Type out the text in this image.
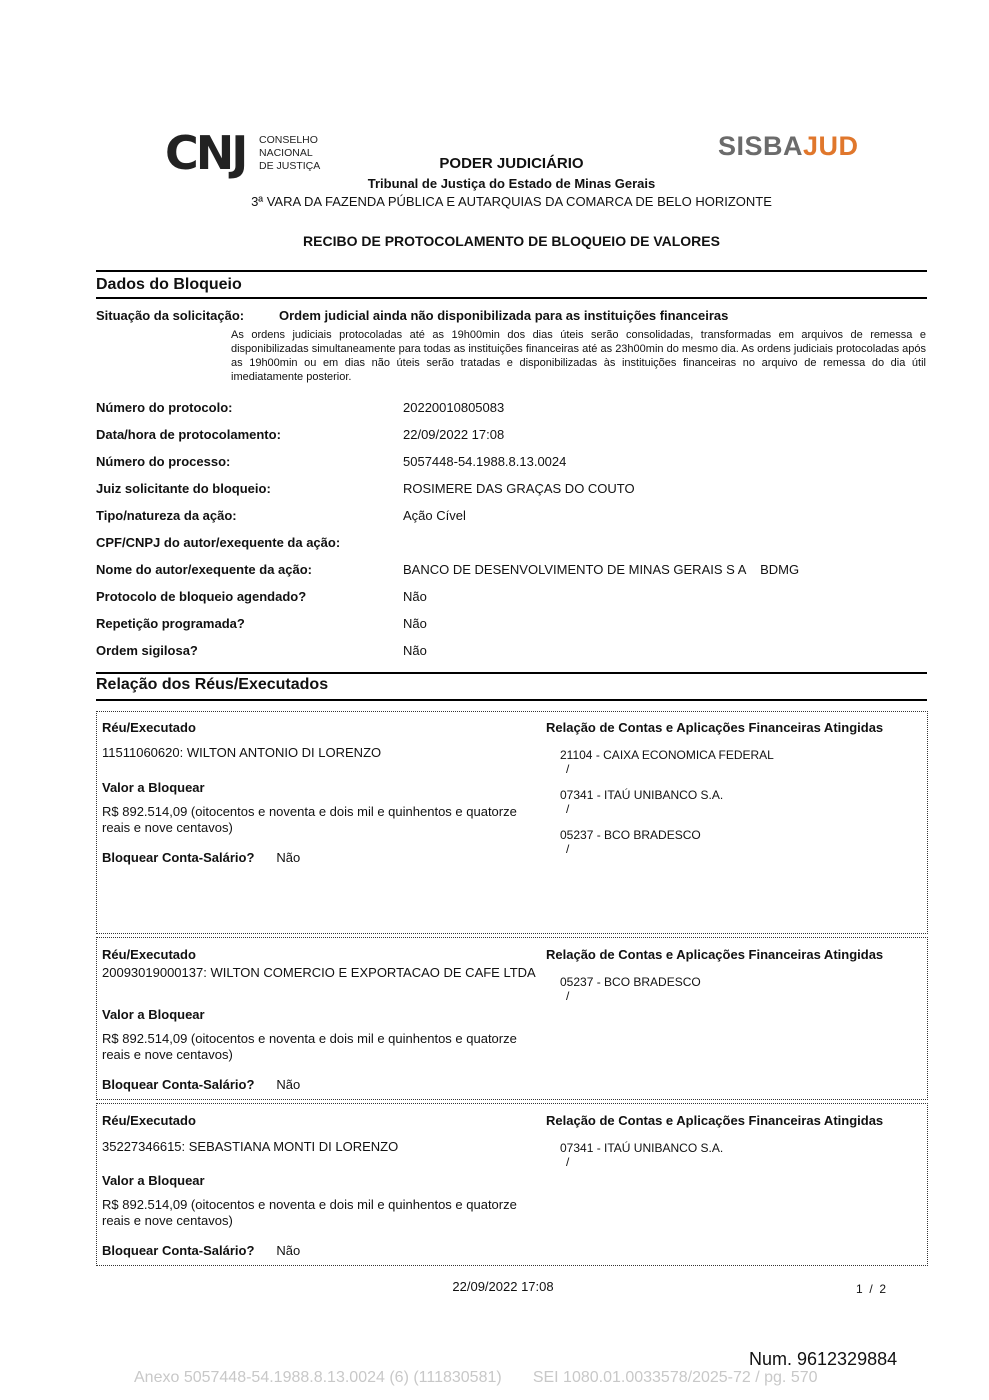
CNJ CONSELHO
NACIONAL
DE JUSTIÇA
SISBAJUD
PODER JUDICIÁRIO
Tribunal de Justiça do Estado de Minas Gerais
3ª VARA DA FAZENDA PÚBLICA E AUTARQUIAS DA COMARCA DE BELO HORIZONTE
RECIBO DE PROTOCOLAMENTO DE BLOQUEIO DE VALORES
Dados do Bloqueio
Situação da solicitação:	Ordem judicial ainda não disponibilizada para as instituições financeiras
As ordens judiciais protocoladas até as 19h00min dos dias úteis serão consolidadas, transformadas em arquivos de remessa e disponibilizadas simultaneamente para todas as instituições financeiras até as 23h00min do mesmo dia. As ordens judiciais protocoladas após as 19h00min ou em dias não úteis serão tratadas e disponibilizadas às instituições financeiras no arquivo de remessa do dia útil imediatamente posterior.
Número do protocolo:	20220010805083
Data/hora de protocolamento:	22/09/2022 17:08
Número do processo:	5057448-54.1988.8.13.0024
Juiz solicitante do bloqueio:	ROSIMERE DAS GRAÇAS DO COUTO
Tipo/natureza da ação:	Ação Cível
CPF/CNPJ do autor/exequente da ação:
Nome do autor/exequente da ação:	BANCO DE DESENVOLVIMENTO DE MINAS GERAIS S A    BDMG
Protocolo de bloqueio agendado?	Não
Repetição programada?	Não
Ordem sigilosa?	Não
Relação dos Réus/Executados
Réu/Executado
11511060620: WILTON ANTONIO DI LORENZO
Valor a Bloquear
R$ 892.514,09 (oitocentos e noventa e dois mil e quinhentos e quatorze reais e nove centavos)
Bloquear Conta-Salário? Não
Relação de Contas e Aplicações Financeiras Atingidas
21104 - CAIXA ECONOMICA FEDERAL
/
07341 - ITAÚ UNIBANCO S.A.
/
05237 - BCO BRADESCO
/
Réu/Executado
20093019000137: WILTON COMERCIO E EXPORTACAO DE CAFE LTDA
Valor a Bloquear
R$ 892.514,09 (oitocentos e noventa e dois mil e quinhentos e quatorze reais e nove centavos)
Bloquear Conta-Salário? Não
Relação de Contas e Aplicações Financeiras Atingidas
05237 - BCO BRADESCO
/
Réu/Executado
35227346615: SEBASTIANA MONTI DI LORENZO
Valor a Bloquear
R$ 892.514,09 (oitocentos e noventa e dois mil e quinhentos e quatorze reais e nove centavos)
Bloquear Conta-Salário? Não
Relação de Contas e Aplicações Financeiras Atingidas
07341 - ITAÚ UNIBANCO S.A.
/
22/09/2022 17:08	1  /  2
Num. 9612329884
Anexo 5057448-54.1988.8.13.0024 (6) (111830581)       SEI 1080.01.0033578/2025-72 / pg. 570
